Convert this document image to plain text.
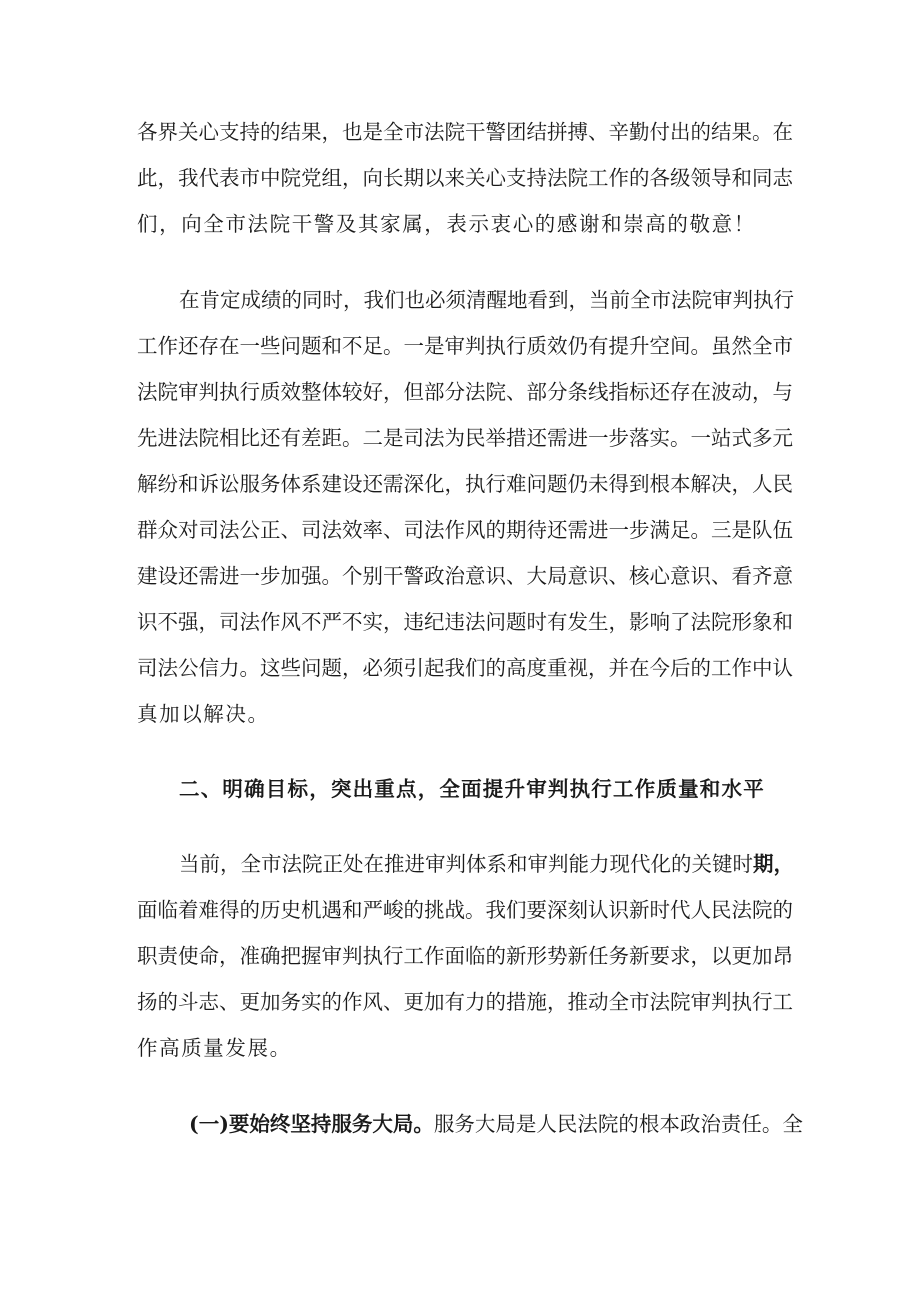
各界关心支持的结果，也是全市法院干警团结拼搏、辛勤付出的结果。在
此，我代表市中院党组，向长期以来关心支持法院工作的各级领导和同志
们，向全市法院干警及其家属，表示衷心的感谢和崇高的敬意！
在肯定成绩的同时，我们也必须清醒地看到，当前全市法院审判执行
工作还存在一些问题和不足。一是审判执行质效仍有提升空间。虽然全市
法院审判执行质效整体较好，但部分法院、部分条线指标还存在波动，与
先进法院相比还有差距。二是司法为民举措还需进一步落实。一站式多元
解纷和诉讼服务体系建设还需深化，执行难问题仍未得到根本解决，人民
群众对司法公正、司法效率、司法作风的期待还需进一步满足。三是队伍
建设还需进一步加强。个别干警政治意识、大局意识、核心意识、看齐意
识不强，司法作风不严不实，违纪违法问题时有发生，影响了法院形象和
司法公信力。这些问题，必须引起我们的高度重视，并在今后的工作中认
真加以解决。
二、明确目标，突出重点，全面提升审判执行工作质量和水平
当前，全市法院正处在推进审判体系和审判能力现代化的关键时期，
面临着难得的历史机遇和严峻的挑战。我们要深刻认识新时代人民法院的
职责使命，准确把握审判执行工作面临的新形势新任务新要求，以更加昂
扬的斗志、更加务实的作风、更加有力的措施，推动全市法院审判执行工
作高质量发展。
(一)要始终坚持服务大局。服务大局是人民法院的根本政治责任。全
